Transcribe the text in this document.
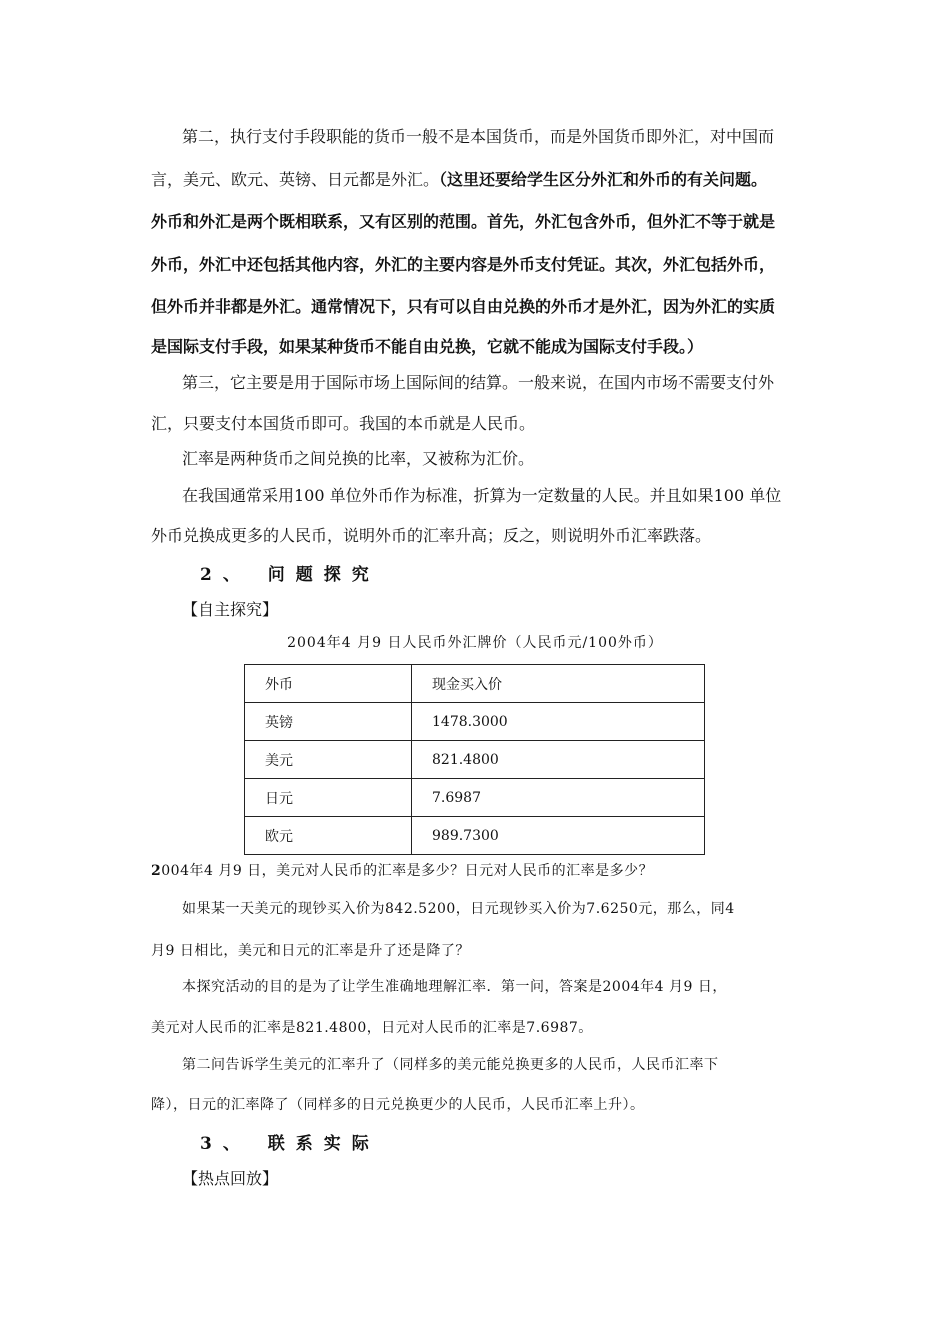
第二，执行支付手段职能的货币一般不是本国货币，而是外国货币即外汇，对中国而
言，美元、欧元、英镑、日元都是外汇。（这里还要给学生区分外汇和外币的有关问题。
外币和外汇是两个既相联系，又有区别的范围。首先，外汇包含外币，但外汇不等于就是
外币，外汇中还包括其他内容，外汇的主要内容是外币支付凭证。其次，外汇包括外币，
但外币并非都是外汇。通常情况下，只有可以自由兑换的外币才是外汇，因为外汇的实质
是国际支付手段，如果某种货币不能自由兑换，它就不能成为国际支付手段。）
第三，它主要是用于国际市场上国际间的结算。一般来说，在国内市场不需要支付外
汇，只要支付本国货币即可。我国的本币就是人民币。
汇率是两种货币之间兑换的比率，又被称为汇价。
在我国通常采用100 单位外币作为标准，折算为一定数量的人民。并且如果100 单位
外币兑换成更多的人民币，说明外币的汇率升高；反之，则说明外币汇率跌落。
2、 问题探究
【自主探究】
2004年4 月9 日人民币外汇牌价（人民币元/100外币）
外币	现金买入价
英镑	1478.3000
美元	821.4800
日元	7.6987
欧元	989.7300
2004年4 月9 日，美元对人民币的汇率是多少？日元对人民币的汇率是多少？
如果某一天美元的现钞买入价为842.5200，日元现钞买入价为7.6250元，那么，同4
月9 日相比，美元和日元的汇率是升了还是降了？
本探究活动的目的是为了让学生准确地理解汇率．第一问，答案是2004年4 月9 日，
美元对人民币的汇率是821.4800，日元对人民币的汇率是7.6987。
第二问告诉学生美元的汇率升了（同样多的美元能兑换更多的人民币，人民币汇率下
降），日元的汇率降了（同样多的日元兑换更少的人民币，人民币汇率上升）。
3、 联系实际
【热点回放】
